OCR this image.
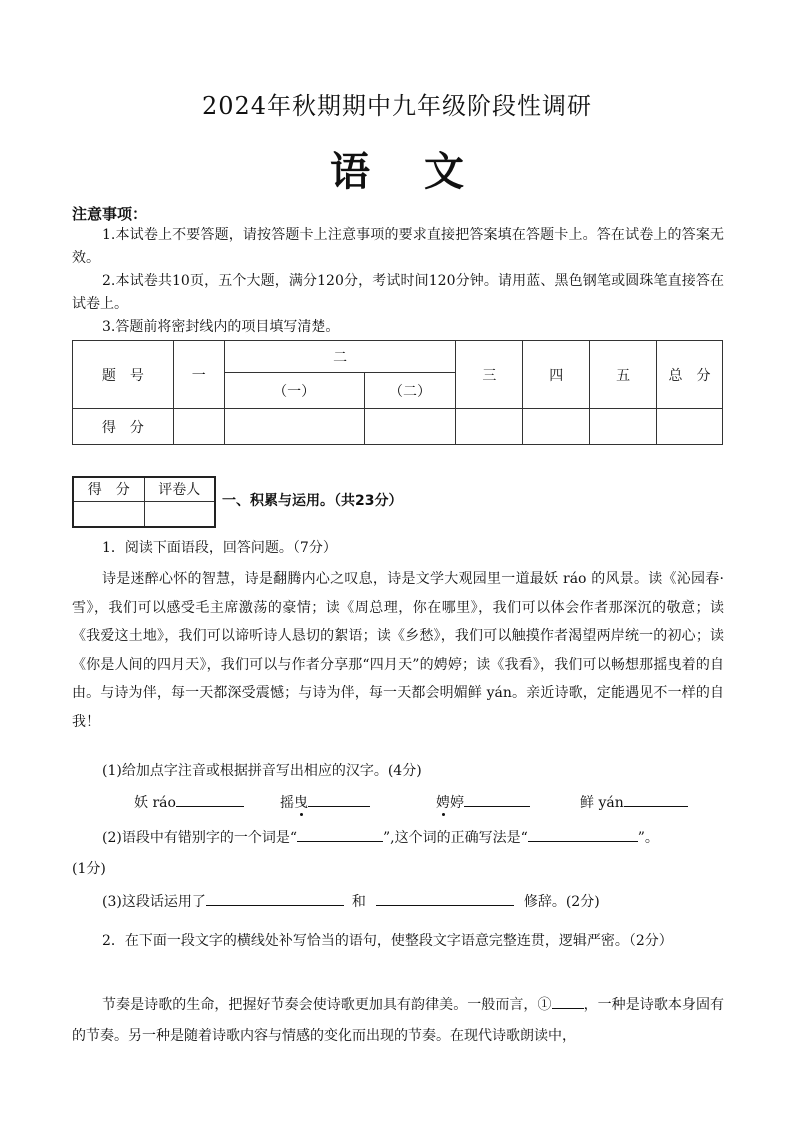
2024年秋期期中九年级阶段性调研
语 文
注意事项：
1.本试卷上不要答题，请按答题卡上注意事项的要求直接把答案填在答题卡上。答在试卷上的答案无效。
2.本试卷共10页，五个大题，满分120分，考试时间120分钟。请用蓝、黑色钢笔或圆珠笔直接答在试卷上。
3.答题前将密封线内的项目填写清楚。
题　号	一	二		三	四	五	总　分
		（一）	（二）				
得　分							
得　分	评卷人

一、积累与运用。（共23分）
1．阅读下面语段，回答问题。（7分）
诗是迷醉心怀的智慧，诗是翻腾内心之叹息，诗是文学大观园里一道最妖 ráo 的风景。读《沁园春·雪》，我们可以感受毛主席激荡的豪情；读《周总理，你在哪里》，我们可以体会作者那深沉的敬意；读《我爱这土地》，我们可以谛听诗人恳切的絮语；读《乡愁》，我们可以触摸作者渴望两岸统一的初心；读《你是人间的四月天》，我们可以与作者分享那“四月天”的娉婷；读《我看》，我们可以畅想那摇曳着的自由。与诗为伴，每一天都深受震憾；与诗为伴，每一天都会明媚鲜 yán。亲近诗歌，定能遇见不一样的自我！
(1)给加点字注音或根据拼音写出相应的汉字。(4分)
妖 ráo	摇曳	娉婷	鲜 yán
(2)语段中有错别字的一个词是“	”,这个词的正确写法是“	”。
(1分)
(3)这段话运用了	和	修辞。(2分)
2．在下面一段文字的横线处补写恰当的语句，使整段文字语意完整连贯，逻辑严密。（2分）
节奏是诗歌的生命，把握好节奏会使诗歌更加具有韵律美。一般而言，① ，一种是诗歌本身固有的节奏。另一种是随着诗歌内容与情感的变化而出现的节奏。在现代诗歌朗读中，
